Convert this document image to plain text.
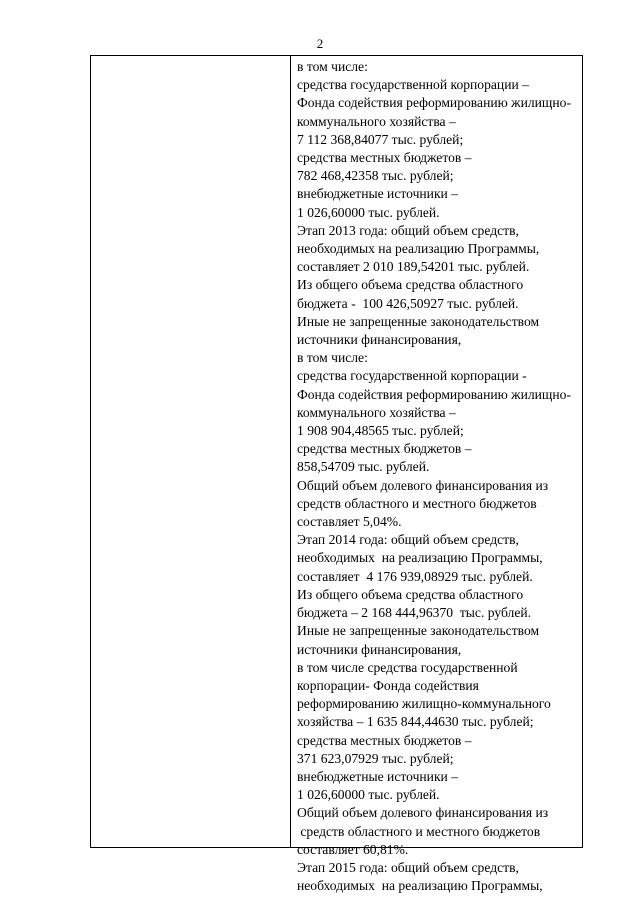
2

в том числе:

средства государственной корпорации –

Фонда содействия реформированию жилищно-

коммунального хозяйства –

7 112 368,84077 тыс. рублей;

средства местных бюджетов –

782 468,42358 тыс. рублей;

внебюджетные источники –

1 026,60000 тыс. рублей.

Этап 2013 года: общий объем средств,

необходимых на реализацию Программы,

составляет 2 010 189,54201 тыс. рублей.

Из общего объема средства областного

бюджета -  100 426,50927 тыс. рублей.

Иные не запрещенные законодательством

источники финансирования,

в том числе:

средства государственной корпорации -

Фонда содействия реформированию жилищно-

коммунального хозяйства –

1 908 904,48565 тыс. рублей;

средства местных бюджетов –

858,54709 тыс. рублей.

Общий объем долевого финансирования из

средств областного и местного бюджетов

составляет 5,04%.

Этап 2014 года: общий объем средств,

необходимых  на реализацию Программы,

составляет  4 176 939,08929 тыс. рублей.

Из общего объема средства областного

бюджета – 2 168 444,96370  тыс. рублей.

Иные не запрещенные законодательством

источники финансирования,

в том числе средства государственной

корпорации- Фонда содействия

реформированию жилищно-коммунального

хозяйства – 1 635 844,44630 тыс. рублей;

средства местных бюджетов –

371 623,07929 тыс. рублей;

внебюджетные источники –

1 026,60000 тыс. рублей.

Общий объем долевого финансирования из

средств областного и местного бюджетов

составляет 60,81%.

Этап 2015 года: общий объем средств,

необходимых  на реализацию Программы,
